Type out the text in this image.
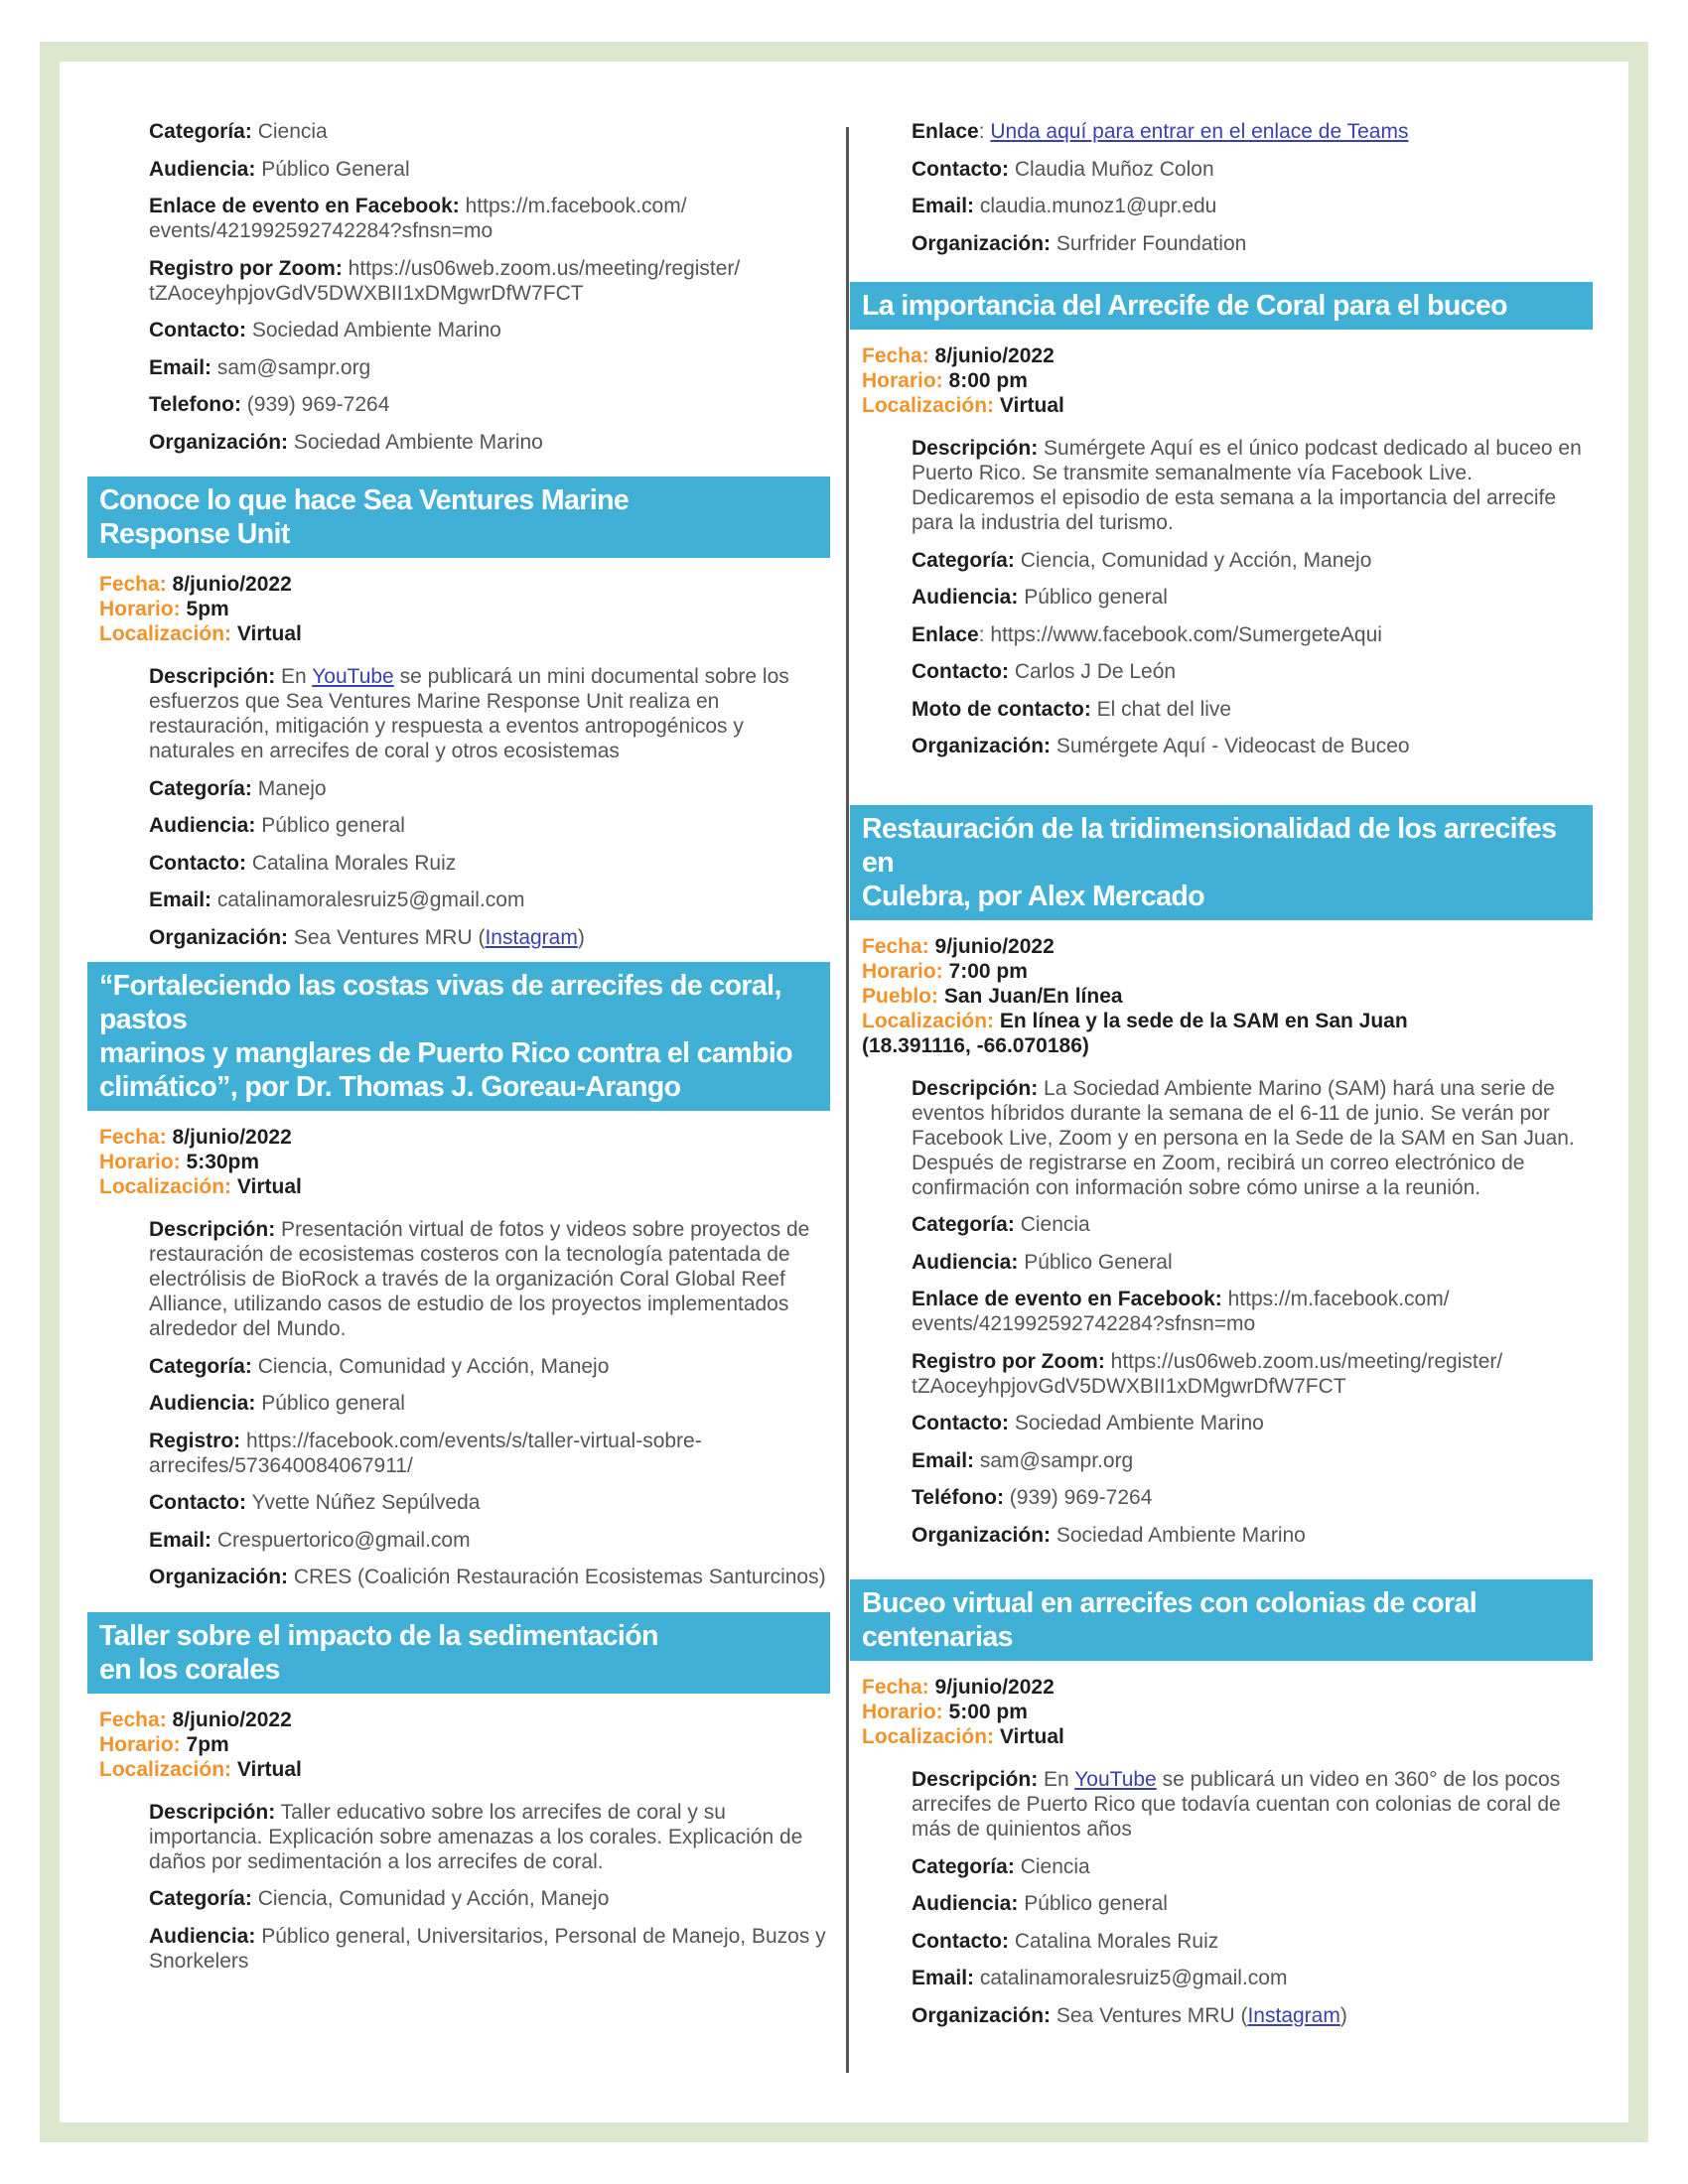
Categoría: Ciencia

Audiencia: Público General

Enlace de evento en Facebook: https://m.facebook.com/ events/421992592742284?sfnsn=mo

Registro por Zoom: https://us06web.zoom.us/meeting/register/ tZAoceyhpjovGdV5DWXBII1xDMgwrDfW7FCT

Contacto: Sociedad Ambiente Marino

Email: sam@sampr.org

Telefono: (939) 969-7264

Organización: Sociedad Ambiente Marino

Conoce lo que hace Sea Ventures Marine
Response Unit
Fecha: 8/junio/2022
Horario: 5pm
Localización: Virtual

Descripción: En YouTube se publicará un mini documental sobre los esfuerzos que Sea Ventures Marine Response Unit realiza en restauración, mitigación y respuesta a eventos antropogénicos y naturales en arrecifes de coral y otros ecosistemas

Categoría: Manejo

Audiencia: Público general

Contacto: Catalina Morales Ruiz

Email: catalinamoralesruiz5@gmail.com

Organización: Sea Ventures MRU (Instagram)

“Fortaleciendo las costas vivas de arrecifes de coral, pastos
marinos y manglares de Puerto Rico contra el cambio
climático”, por Dr. Thomas J. Goreau-Arango
Fecha: 8/junio/2022
Horario: 5:30pm
Localización: Virtual

Descripción: Presentación virtual de fotos y videos sobre proyectos de restauración de ecosistemas costeros con la tecnología patentada de electrólisis de BioRock a través de la organización Coral Global Reef Alliance, utilizando casos de estudio de los proyectos implementados alrededor del Mundo.

Categoría: Ciencia, Comunidad y Acción, Manejo

Audiencia: Público general

Registro: https://facebook.com/events/s/taller-virtual-sobre-arrecifes/573640084067911/

Contacto: Yvette Núñez Sepúlveda

Email: Crespuertorico@gmail.com

Organización: CRES (Coalición Restauración Ecosistemas Santurcinos)

Taller sobre el impacto de la sedimentación
en los corales
Fecha: 8/junio/2022
Horario: 7pm
Localización: Virtual

Descripción: Taller educativo sobre los arrecifes de coral y su importancia. Explicación sobre amenazas a los corales. Explicación de daños por sedimentación a los arrecifes de coral.

Categoría: Ciencia, Comunidad y Acción, Manejo

Audiencia: Público general, Universitarios, Personal de Manejo, Buzos y Snorkelers

Enlace: Unda aquí para entrar en el enlace de Teams

Contacto: Claudia Muñoz Colon

Email: claudia.munoz1@upr.edu

Organización: Surfrider Foundation

La importancia del Arrecife de Coral para el buceo
Fecha: 8/junio/2022
Horario: 8:00 pm
Localización: Virtual

Descripción: Sumérgete Aquí es el único podcast dedicado al buceo en Puerto Rico. Se transmite semanalmente vía Facebook Live. Dedicaremos el episodio de esta semana a la importancia del arrecife para la industria del turismo.

Categoría: Ciencia, Comunidad y Acción, Manejo

Audiencia: Público general

Enlace: https://www.facebook.com/SumergeteAqui

Contacto: Carlos J De León

Moto de contacto: El chat del live

Organización: Sumérgete Aquí - Videocast de Buceo

Restauración de la tridimensionalidad de los arrecifes en
Culebra, por Alex Mercado
Fecha: 9/junio/2022
Horario: 7:00 pm
Pueblo: San Juan/En línea
Localización: En línea y la sede de la SAM en San Juan
(18.391116, -66.070186)

Descripción: La Sociedad Ambiente Marino (SAM) hará una serie de eventos híbridos durante la semana de el 6-11 de junio. Se verán por Facebook Live, Zoom y en persona en la Sede de la SAM en San Juan. Después de registrarse en Zoom, recibirá un correo electrónico de confirmación con información sobre cómo unirse a la reunión.

Categoría: Ciencia

Audiencia: Público General

Enlace de evento en Facebook: https://m.facebook.com/ events/421992592742284?sfnsn=mo

Registro por Zoom: https://us06web.zoom.us/meeting/register/ tZAoceyhpjovGdV5DWXBII1xDMgwrDfW7FCT

Contacto: Sociedad Ambiente Marino

Email: sam@sampr.org

Teléfono: (939) 969-7264

Organización: Sociedad Ambiente Marino

Buceo virtual en arrecifes con colonias de coral centenarias
Fecha: 9/junio/2022
Horario: 5:00 pm
Localización: Virtual

Descripción: En YouTube se publicará un video en 360° de los pocos arrecifes de Puerto Rico que todavía cuentan con colonias de coral de más de quinientos años

Categoría: Ciencia

Audiencia: Público general

Contacto: Catalina Morales Ruiz

Email: catalinamoralesruiz5@gmail.com

Organización: Sea Ventures MRU (Instagram)
